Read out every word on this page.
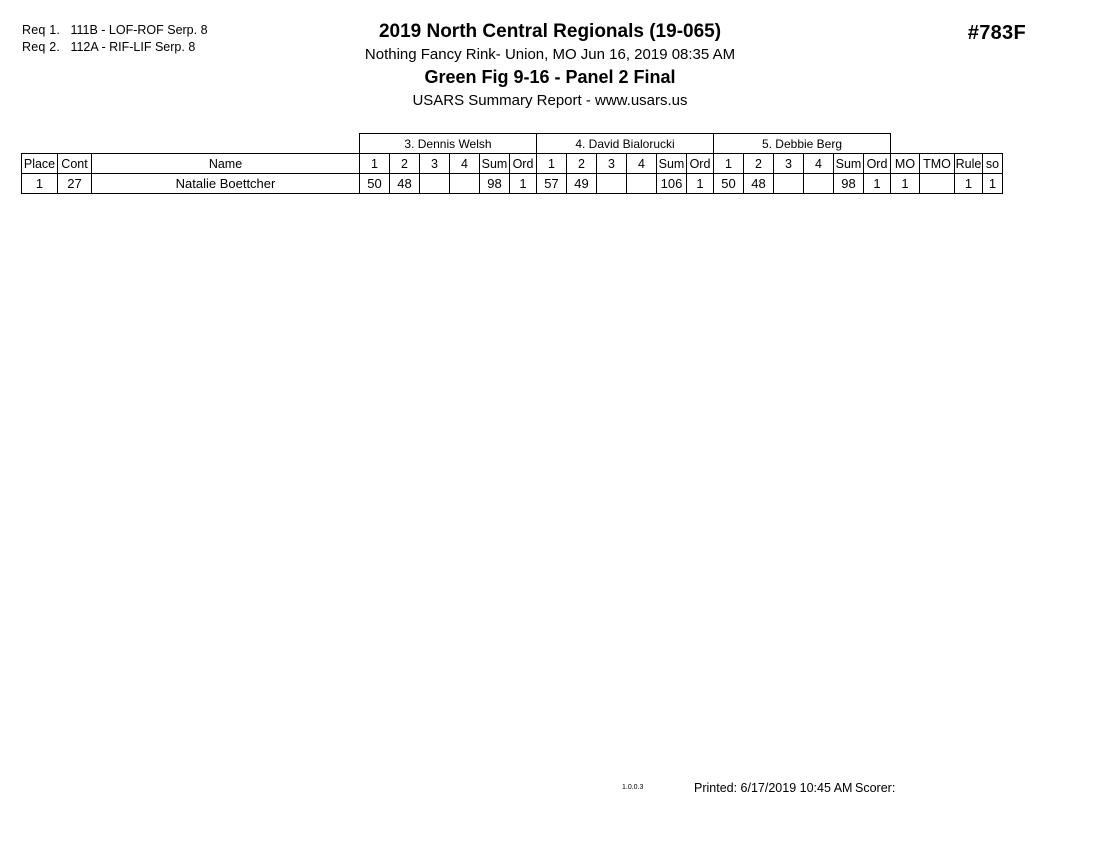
Req 1. 111B - LOF-ROF Serp. 8
Req 2. 112A - RIF-LIF Serp. 8
2019 North Central Regionals (19-065)
Nothing Fancy Rink- Union, MO Jun 16, 2019 08:35 AM
Green Fig 9-16 - Panel 2 Final
USARS Summary Report - www.usars.us
#783F
			3. Dennis Welsh						4. David Bialorucki						5. Debbie Berg									
Place	Cont	Name	1	2	3	4	Sum	Ord	1	2	3	4	Sum	Ord	1	2	3	4	Sum	Ord	MO	TMO	Rule	so
1	27	Natalie Boettcher	50	48			98	1	57	49			106	1	50	48			98	1	1		1	1
1.0.0.3	Printed: 6/17/2019 10:45 AM Scorer:
